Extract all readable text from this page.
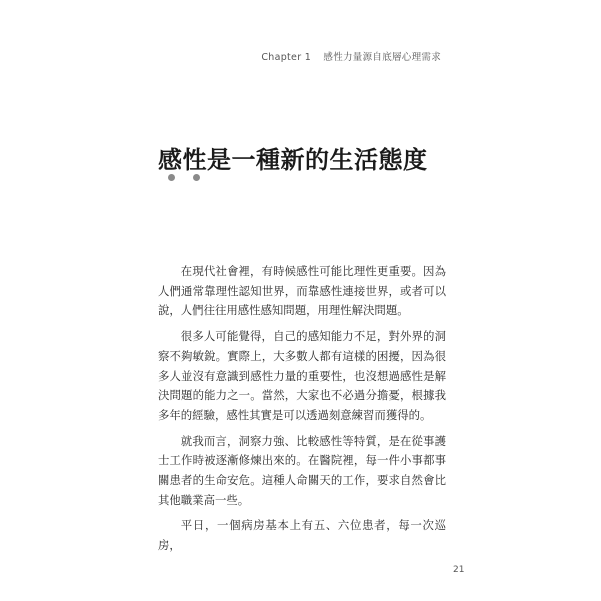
Chapter 1 感性力量源自底層心理需求
感性是一種新的生活態度

在現代社會裡，有時候感性可能比理性更重要。因為人們通常靠理性認知世界，而靠感性連接世界，或者可以說，人們往往用感性感知問題，用理性解決問題。

很多人可能覺得，自己的感知能力不足，對外界的洞察不夠敏銳。實際上，大多數人都有這樣的困擾，因為很多人並沒有意識到感性力量的重要性，也沒想過感性是解決問題的能力之一。當然，大家也不必過分擔憂，根據我多年的經驗，感性其實是可以透過刻意練習而獲得的。

就我而言，洞察力強、比較感性等特質，是在從事護士工作時被逐漸修煉出來的。在醫院裡，每一件小事都事關患者的生命安危。這種人命關天的工作，要求自然會比其他職業高一些。

平日，一個病房基本上有五、六位患者，每一次巡房，

21
